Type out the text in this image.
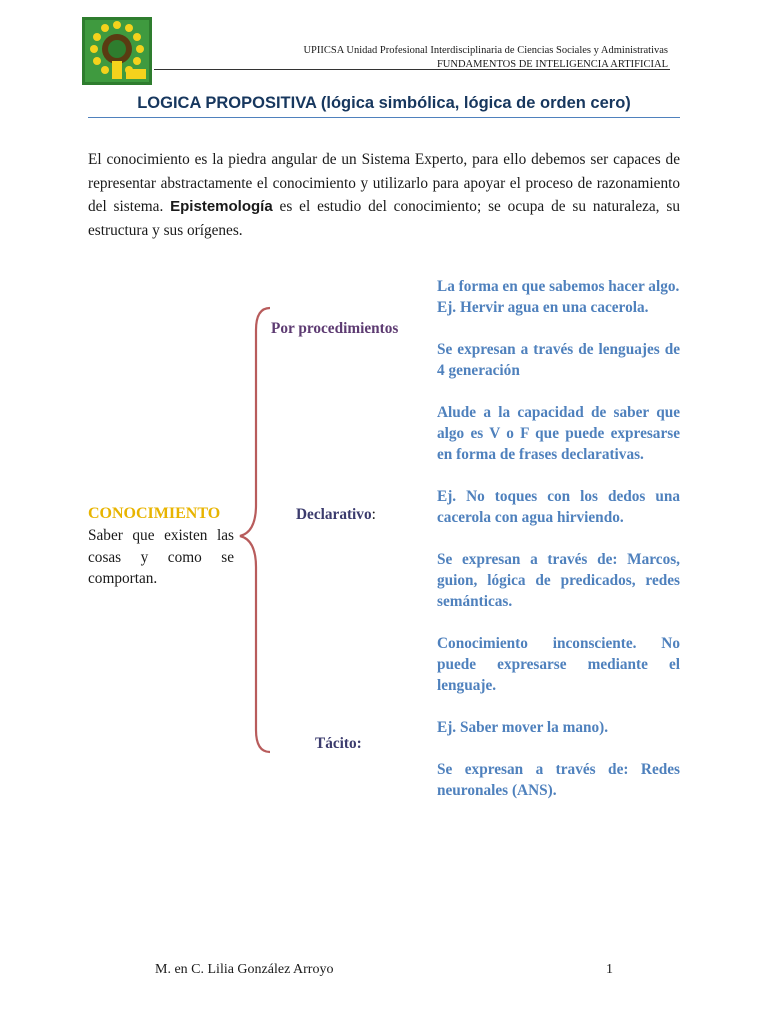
UPIICSA Unidad Profesional Interdisciplinaria de Ciencias Sociales y Administrativas
FUNDAMENTOS DE INTELIGENCIA ARTIFICIAL
LOGICA PROPOSITIVA (lógica simbólica, lógica de orden cero)
El conocimiento es la piedra angular de un Sistema Experto, para ello debemos ser capaces de representar abstractamente el conocimiento y utilizarlo para apoyar el proceso de razonamiento del sistema. Epistemología es el estudio del conocimiento; se ocupa de su naturaleza, su estructura y sus orígenes.
CONOCIMIENTO
Saber que existen las cosas y como se comportan.
Por procedimientos
Declarativo:
Tácito:

La forma en que sabemos hacer algo.

Ej. Hervir agua en una cacerola.

Se expresan a través de lenguajes de 4 generación

Alude a la capacidad de saber que algo es V o F que puede expresarse en forma de frases declarativas.

Ej. No toques con los dedos una cacerola con agua hirviendo.

Se expresan a través de: Marcos, guion, lógica de predicados, redes semánticas.

Conocimiento inconsciente. No puede expresarse mediante el lenguaje.

Ej. Saber mover la mano).

Se expresan a través de: Redes neuronales (ANS).

M. en C. Lilia González Arroyo	1
